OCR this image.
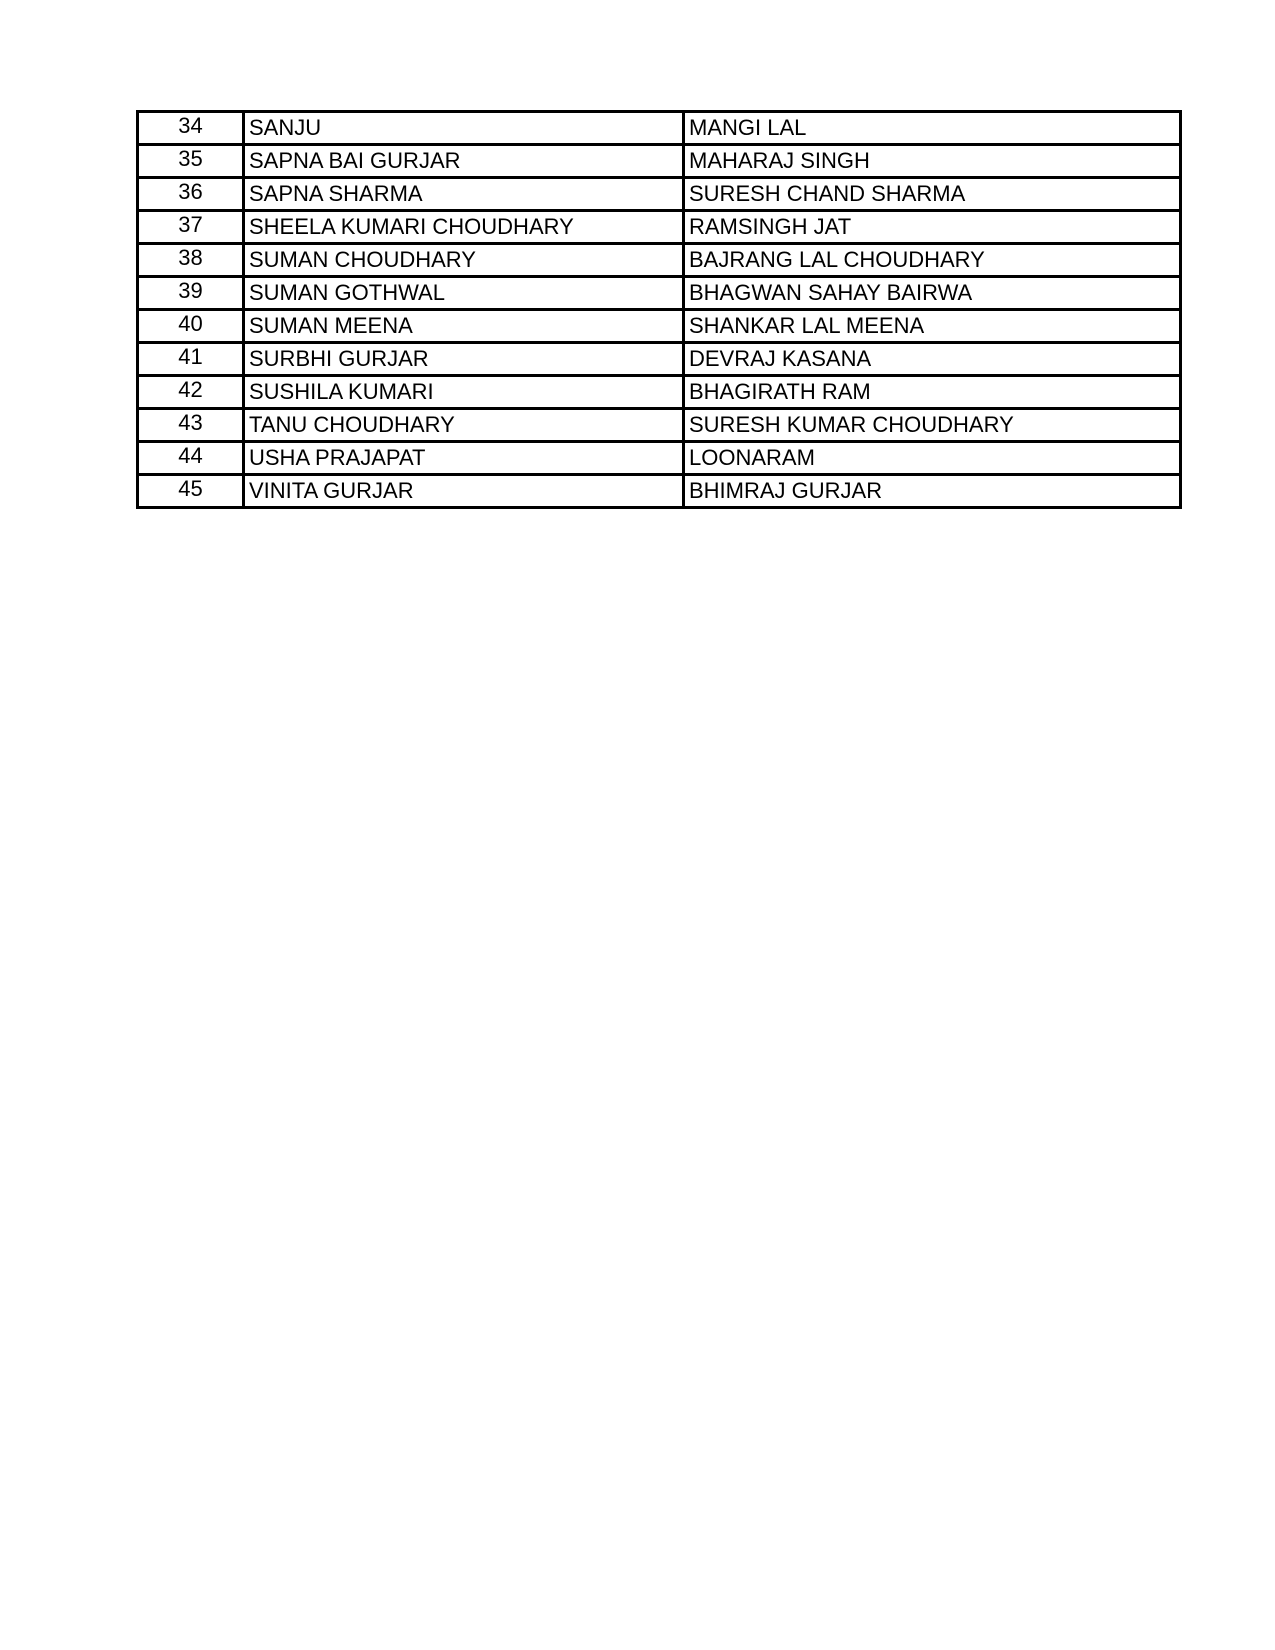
34	SANJU	MANGI LAL
35	SAPNA BAI GURJAR	MAHARAJ SINGH
36	SAPNA SHARMA	SURESH CHAND SHARMA
37	SHEELA KUMARI CHOUDHARY	RAMSINGH JAT
38	SUMAN CHOUDHARY	BAJRANG LAL CHOUDHARY
39	SUMAN GOTHWAL	BHAGWAN SAHAY BAIRWA
40	SUMAN MEENA	SHANKAR LAL MEENA
41	SURBHI GURJAR	DEVRAJ KASANA
42	SUSHILA KUMARI	BHAGIRATH RAM
43	TANU CHOUDHARY	SURESH KUMAR CHOUDHARY
44	USHA PRAJAPAT	LOONARAM
45	VINITA GURJAR	BHIMRAJ GURJAR
